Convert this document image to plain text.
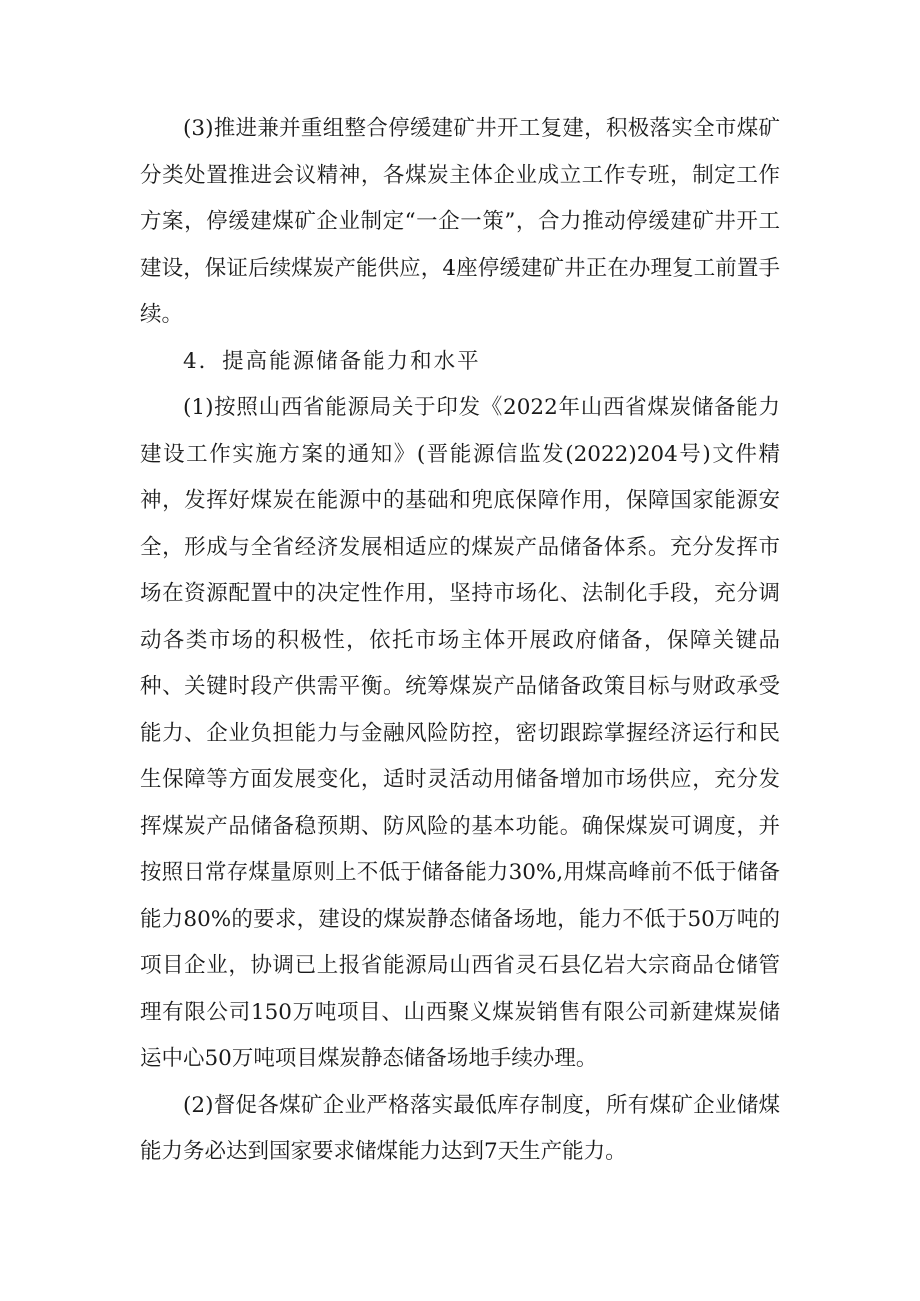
(3)推进兼并重组整合停缓建矿井开工复建，积极落实全市煤矿分类处置推进会议精神，各煤炭主体企业成立工作专班，制定工作方案，停缓建煤矿企业制定“一企一策”，合力推动停缓建矿井开工建设，保证后续煤炭产能供应，4座停缓建矿井正在办理复工前置手续。

4．提高能源储备能力和水平

(1)按照山西省能源局关于印发《2022年山西省煤炭储备能力建设工作实施方案的通知》(晋能源信监发(2022)204号)文件精神，发挥好煤炭在能源中的基础和兜底保障作用，保障国家能源安全，形成与全省经济发展相适应的煤炭产品储备体系。充分发挥市场在资源配置中的决定性作用，坚持市场化、法制化手段，充分调动各类市场的积极性，依托市场主体开展政府储备，保障关键品种、关键时段产供需平衡。统筹煤炭产品储备政策目标与财政承受能力、企业负担能力与金融风险防控，密切跟踪掌握经济运行和民生保障等方面发展变化，适时灵活动用储备增加市场供应，充分发挥煤炭产品储备稳预期、防风险的基本功能。确保煤炭可调度，并按照日常存煤量原则上不低于储备能力30%,用煤高峰前不低于储备能力80%的要求，建设的煤炭静态储备场地，能力不低于50万吨的项目企业，协调已上报省能源局山西省灵石县亿岩大宗商品仓储管理有限公司150万吨项目、山西聚义煤炭销售有限公司新建煤炭储运中心50万吨项目煤炭静态储备场地手续办理。

(2)督促各煤矿企业严格落实最低库存制度，所有煤矿企业储煤能力务必达到国家要求储煤能力达到7天生产能力。
